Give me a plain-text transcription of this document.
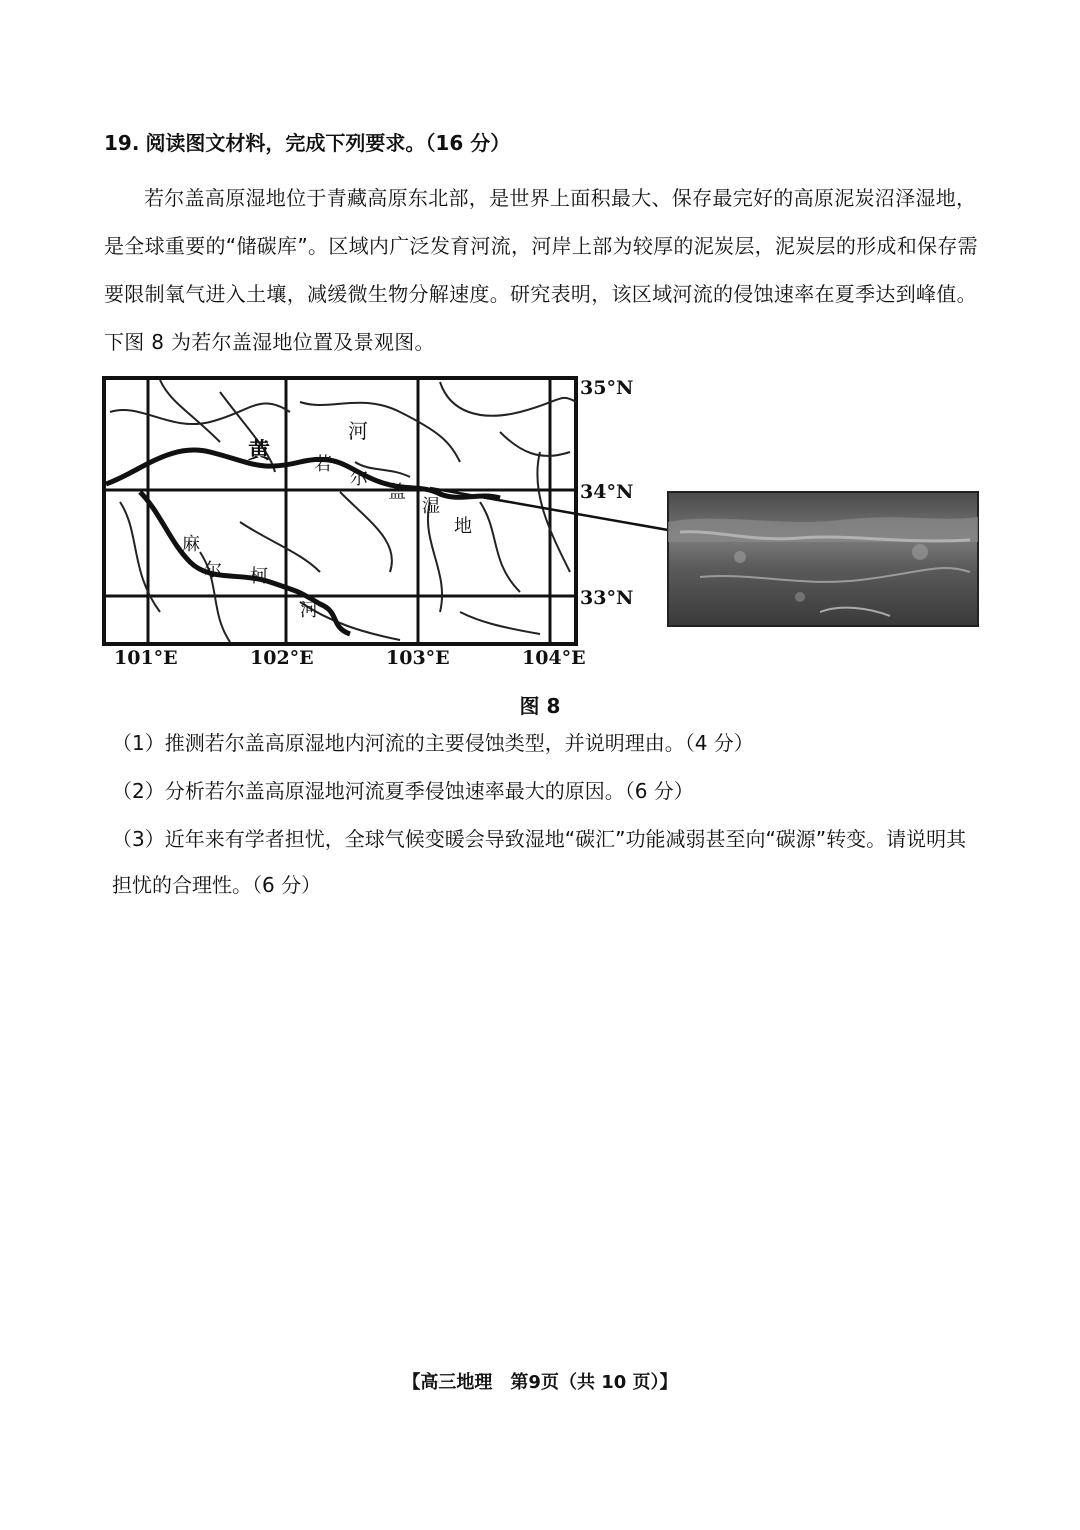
19. 阅读图文材料，完成下列要求。（16 分）

若尔盖高原湿地位于青藏高原东北部，是世界上面积最大、保存最完好的高原泥炭沼泽湿地，是全球重要的“储碳库”。区域内广泛发育河流，河岸上部为较厚的泥炭层，泥炭层的形成和保存需要限制氧气进入土壤，减缓微生物分解速度。研究表明，该区域河流的侵蚀速率在夏季达到峰值。下图 8 为若尔盖湿地位置及景观图。

黄
河
若
尔
盖
湿
地
麻
尔 柯
河
35°N
34°N
33°N
101°E	102°E	103°E	104°E
图 8

（1）推测若尔盖高原湿地内河流的主要侵蚀类型，并说明理由。（4 分）

（2）分析若尔盖高原湿地河流夏季侵蚀速率最大的原因。（6 分）

（3）近年来有学者担忧，全球气候变暖会导致湿地“碳汇”功能减弱甚至向“碳源”转变。请说明其担忧的合理性。（6 分）

【高三地理　第9页（共 10 页）】
